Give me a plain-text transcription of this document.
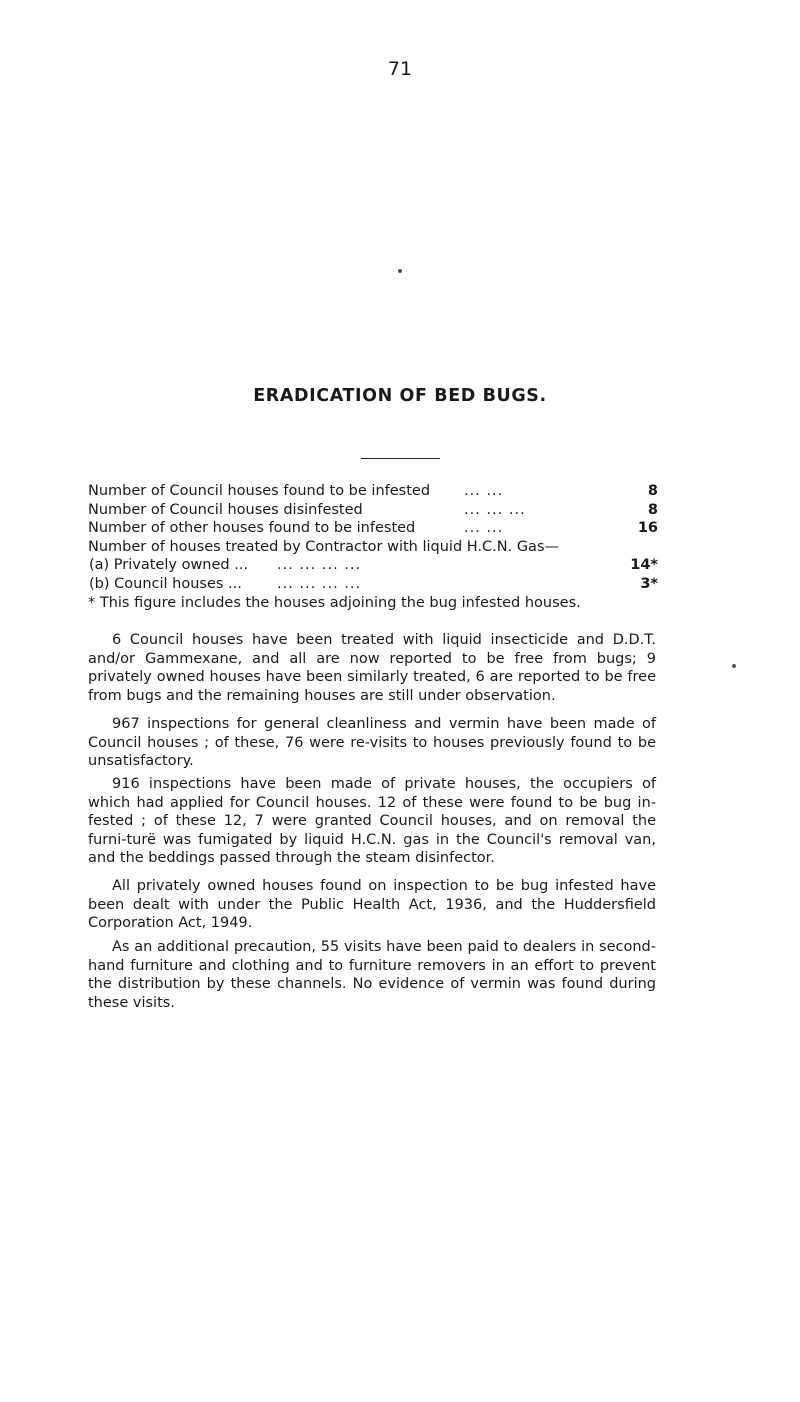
71
ERADICATION OF BED BUGS.
Number of Council houses found to be infested	... ...	8
Number of Council houses disinfested	... ... ...	8
Number of other houses found to be infested	... ...	16
Number of houses treated by Contractor with liquid H.C.N. Gas—
(a) Privately owned ...	... ... ... ...	14*
(b) Council houses ...	... ... ... ...	3*
* This figure includes the houses adjoining the bug infested houses.

6 Council houses have been treated with liquid insecticide and D.D.T. and/or Gammexane, and all are now reported to be free from bugs; 9 privately owned houses have been similarly treated, 6 are reported to be free from bugs and the remaining houses are still under observation.

967 inspections for general cleanliness and vermin have been made of Council houses ; of these, 76 were re-visits to houses previously found to be unsatisfactory.

916 inspections have been made of private houses, the occupiers of which had applied for Council houses. 12 of these were found to be bug in-fested ; of these 12, 7 were granted Council houses, and on removal the furni-turë was fumigated by liquid H.C.N. gas in the Council's removal van, and the beddings passed through the steam disinfector.

All privately owned houses found on inspection to be bug infested have been dealt with under the Public Health Act, 1936, and the Huddersfield Corporation Act, 1949.

As an additional precaution, 55 visits have been paid to dealers in second-hand furniture and clothing and to furniture removers in an effort to prevent the distribution by these channels. No evidence of vermin was found during these visits.
